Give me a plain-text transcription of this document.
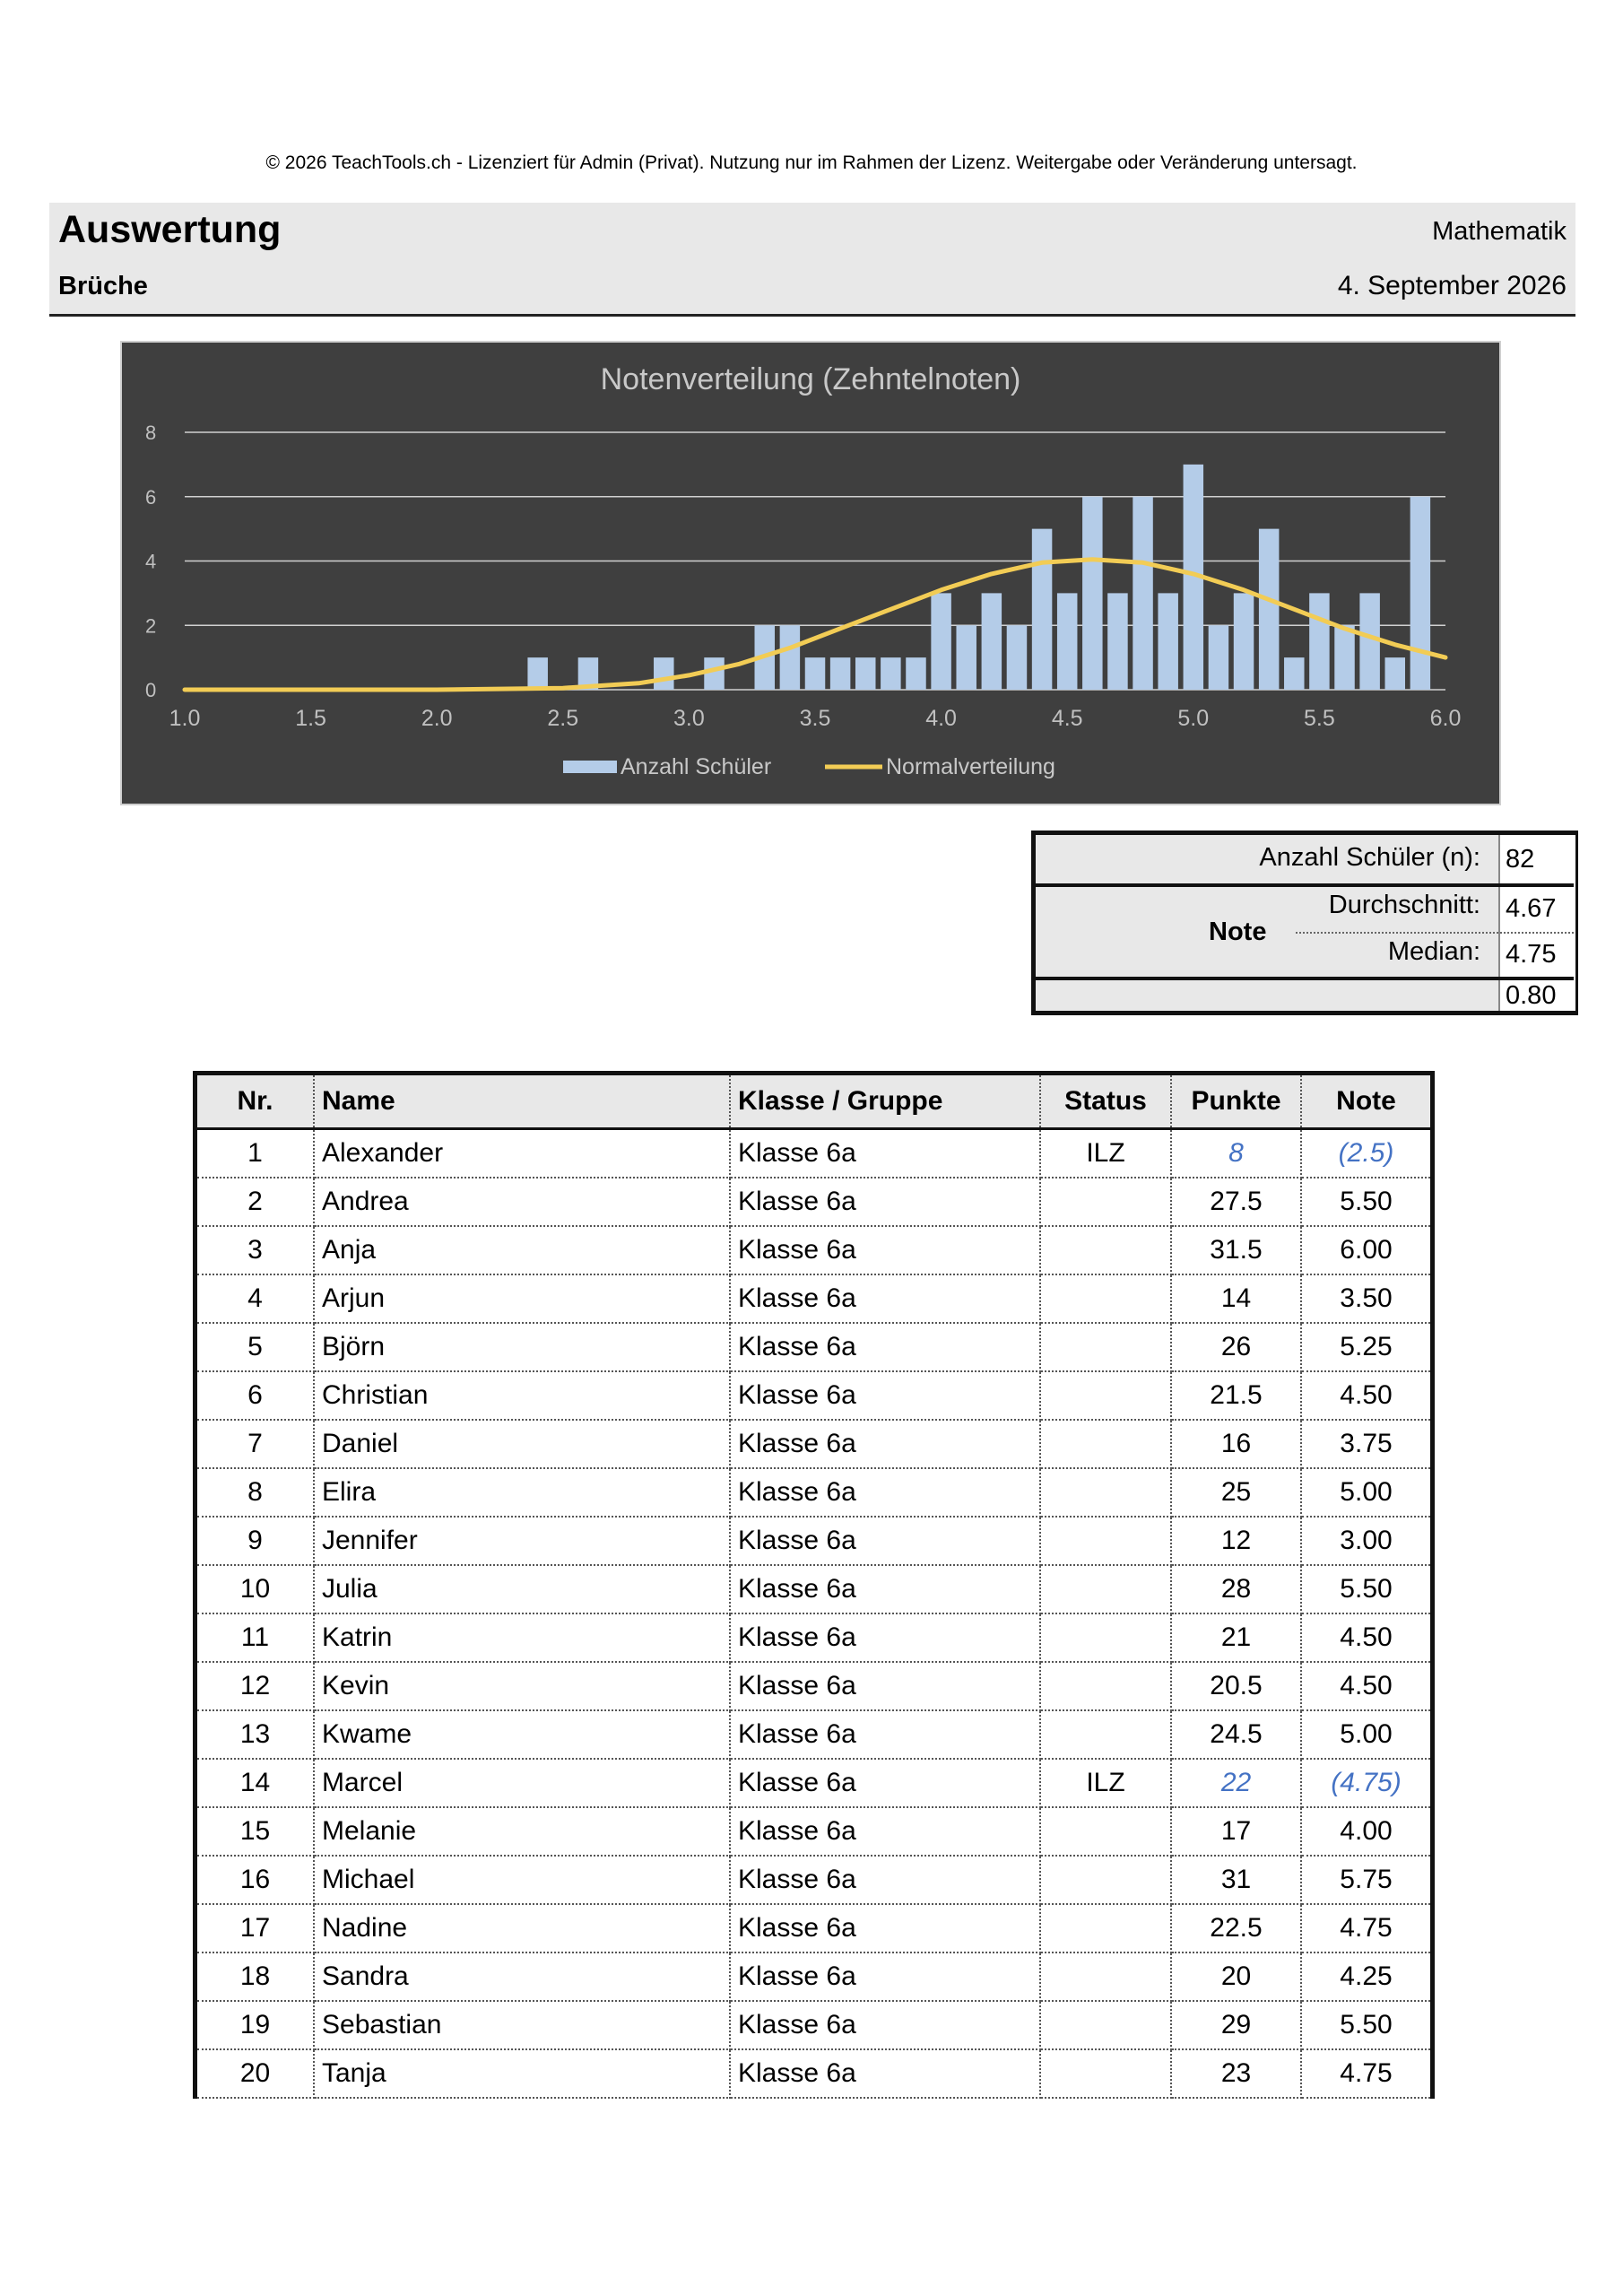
© 2026 TeachTools.ch - Lizenziert für Admin (Privat). Nutzung nur im Rahmen der Lizenz. Weitergabe oder Veränderung untersagt.
Auswertung
Brüche
Mathematik
4. September 2026
Notenverteilung (Zehntelnoten)
0
2
4
6
8
1.0	1.5	2.0	2.5	3.0	3.5	4.0	4.5	5.0	5.5	6.0
Anzahl Schüler	Normalverteilung
Anzahl Schüler (n): 82
Note
Durchschnitt: 4.67
Median: 4.75
0.80
Nr.	Name	Klasse / Gruppe	Status	Punkte	Note
1	Alexander	Klasse 6a	ILZ	8	(2.5)
2	Andrea	Klasse 6a		27.5	5.50
3	Anja	Klasse 6a		31.5	6.00
4	Arjun	Klasse 6a		14	3.50
5	Björn	Klasse 6a		26	5.25
6	Christian	Klasse 6a		21.5	4.50
7	Daniel	Klasse 6a		16	3.75
8	Elira	Klasse 6a		25	5.00
9	Jennifer	Klasse 6a		12	3.00
10	Julia	Klasse 6a		28	5.50
11	Katrin	Klasse 6a		21	4.50
12	Kevin	Klasse 6a		20.5	4.50
13	Kwame	Klasse 6a		24.5	5.00
14	Marcel	Klasse 6a	ILZ	22	(4.75)
15	Melanie	Klasse 6a		17	4.00
16	Michael	Klasse 6a		31	5.75
17	Nadine	Klasse 6a		22.5	4.75
18	Sandra	Klasse 6a		20	4.25
19	Sebastian	Klasse 6a		29	5.50
20	Tanja	Klasse 6a		23	4.75
